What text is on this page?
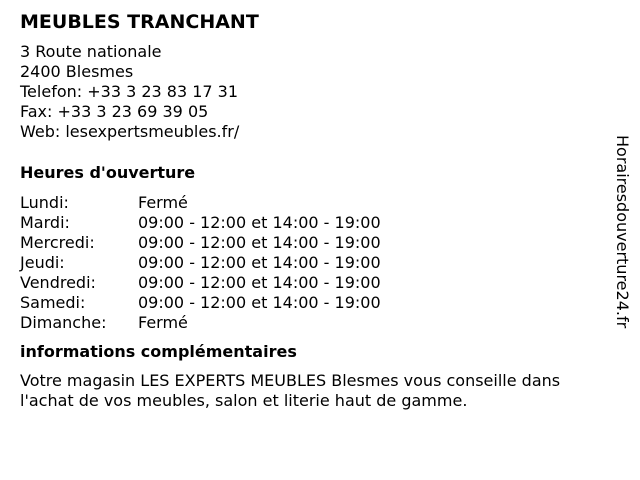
MEUBLES TRANCHANT
3 Route nationale
2400 Blesmes
Telefon: +33 3 23 83 17 31
Fax: +33 3 23 69 39 05
Web: lesexpertsmeubles.fr/
Heures d'ouverture
Lundi:	Fermé
Mardi:	09:00 - 12:00 et 14:00 - 19:00
Mercredi:	09:00 - 12:00 et 14:00 - 19:00
Jeudi:	09:00 - 12:00 et 14:00 - 19:00
Vendredi:	09:00 - 12:00 et 14:00 - 19:00
Samedi:	09:00 - 12:00 et 14:00 - 19:00
Dimanche:	Fermé
informations complémentaires
Votre magasin LES EXPERTS MEUBLES Blesmes vous conseille dans l'achat de vos meubles, salon et literie haut de gamme.
Horairesdouverture24.fr
